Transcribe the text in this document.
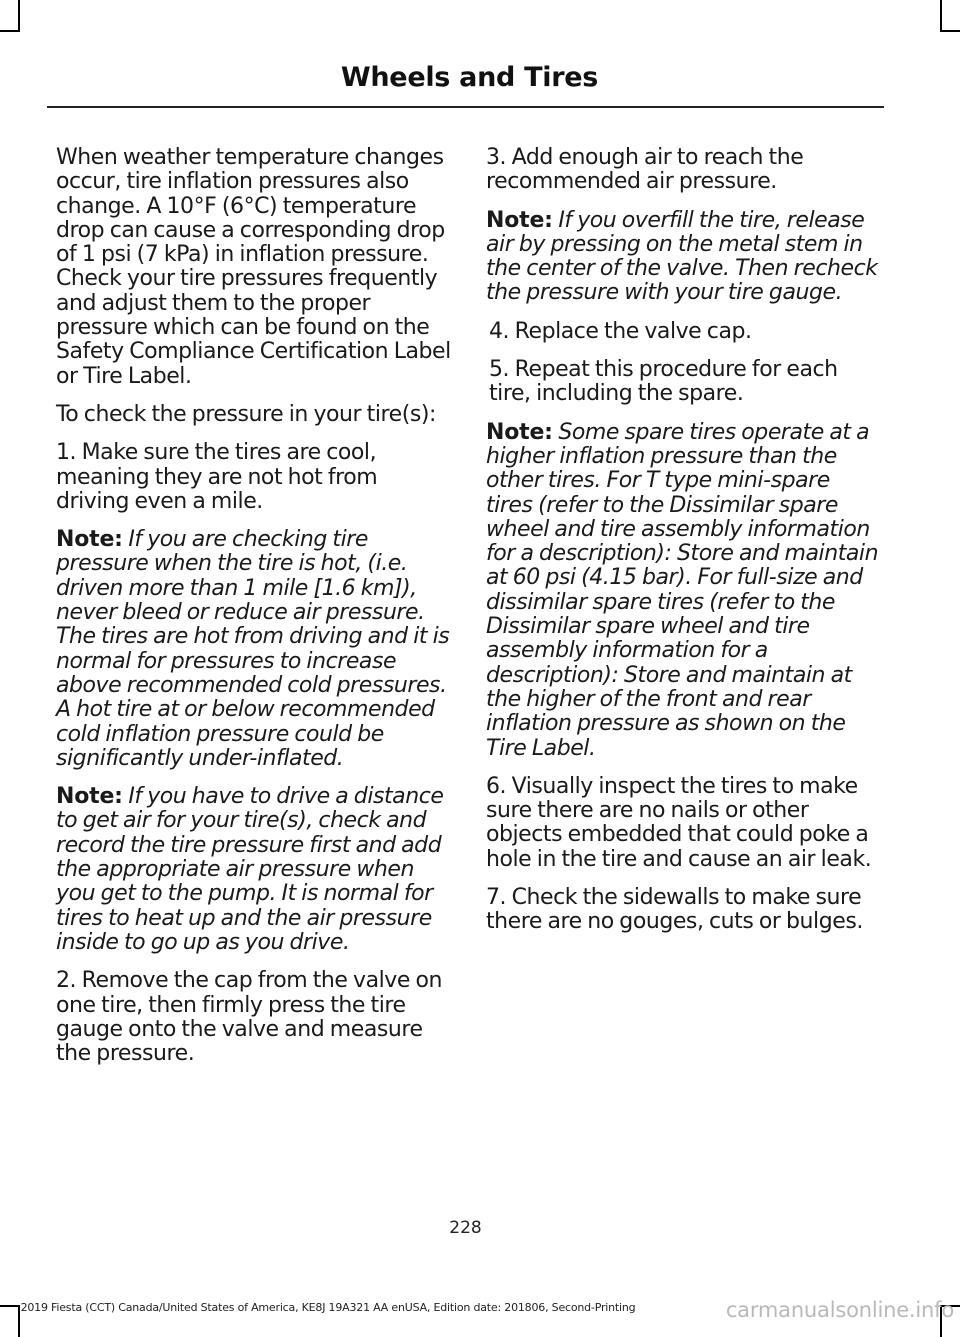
Wheels and Tires

When weather temperature changes occur, tire inflation pressures also change. A 10°F (6°C) temperature drop can cause a corresponding drop of 1 psi (7 kPa) in inflation pressure. Check your tire pressures frequently and adjust them to the proper pressure which can be found on the Safety Compliance Certification Label or Tire Label.

To check the pressure in your tire(s):

1. Make sure the tires are cool, meaning they are not hot from driving even a mile.

Note: If you are checking tire pressure when the tire is hot, (i.e. driven more than 1 mile [1.6 km]), never bleed or reduce air pressure. The tires are hot from driving and it is normal for pressures to increase above recommended cold pressures. A hot tire at or below recommended cold inflation pressure could be significantly under-inflated.

Note: If you have to drive a distance to get air for your tire(s), check and record the tire pressure first and add the appropriate air pressure when you get to the pump. It is normal for tires to heat up and the air pressure inside to go up as you drive.

2. Remove the cap from the valve on one tire, then firmly press the tire gauge onto the valve and measure the pressure.

3. Add enough air to reach the recommended air pressure.

Note: If you overfill the tire, release air by pressing on the metal stem in the center of the valve. Then recheck the pressure with your tire gauge.

4. Replace the valve cap.

5. Repeat this procedure for each tire, including the spare.

Note: Some spare tires operate at a higher inflation pressure than the other tires. For T type mini-spare tires (refer to the Dissimilar spare wheel and tire assembly information for a description): Store and maintain at 60 psi (4.15 bar). For full-size and dissimilar spare tires (refer to the Dissimilar spare wheel and tire assembly information for a description): Store and maintain at the higher of the front and rear inflation pressure as shown on the Tire Label.

6. Visually inspect the tires to make sure there are no nails or other objects embedded that could poke a hole in the tire and cause an air leak.

7. Check the sidewalls to make sure there are no gouges, cuts or bulges.

228
2019 Fiesta (CCT) Canada/United States of America, KE8J 19A321 AA enUSA, Edition date: 201806, Second-Printing	carmanualsonline.info
